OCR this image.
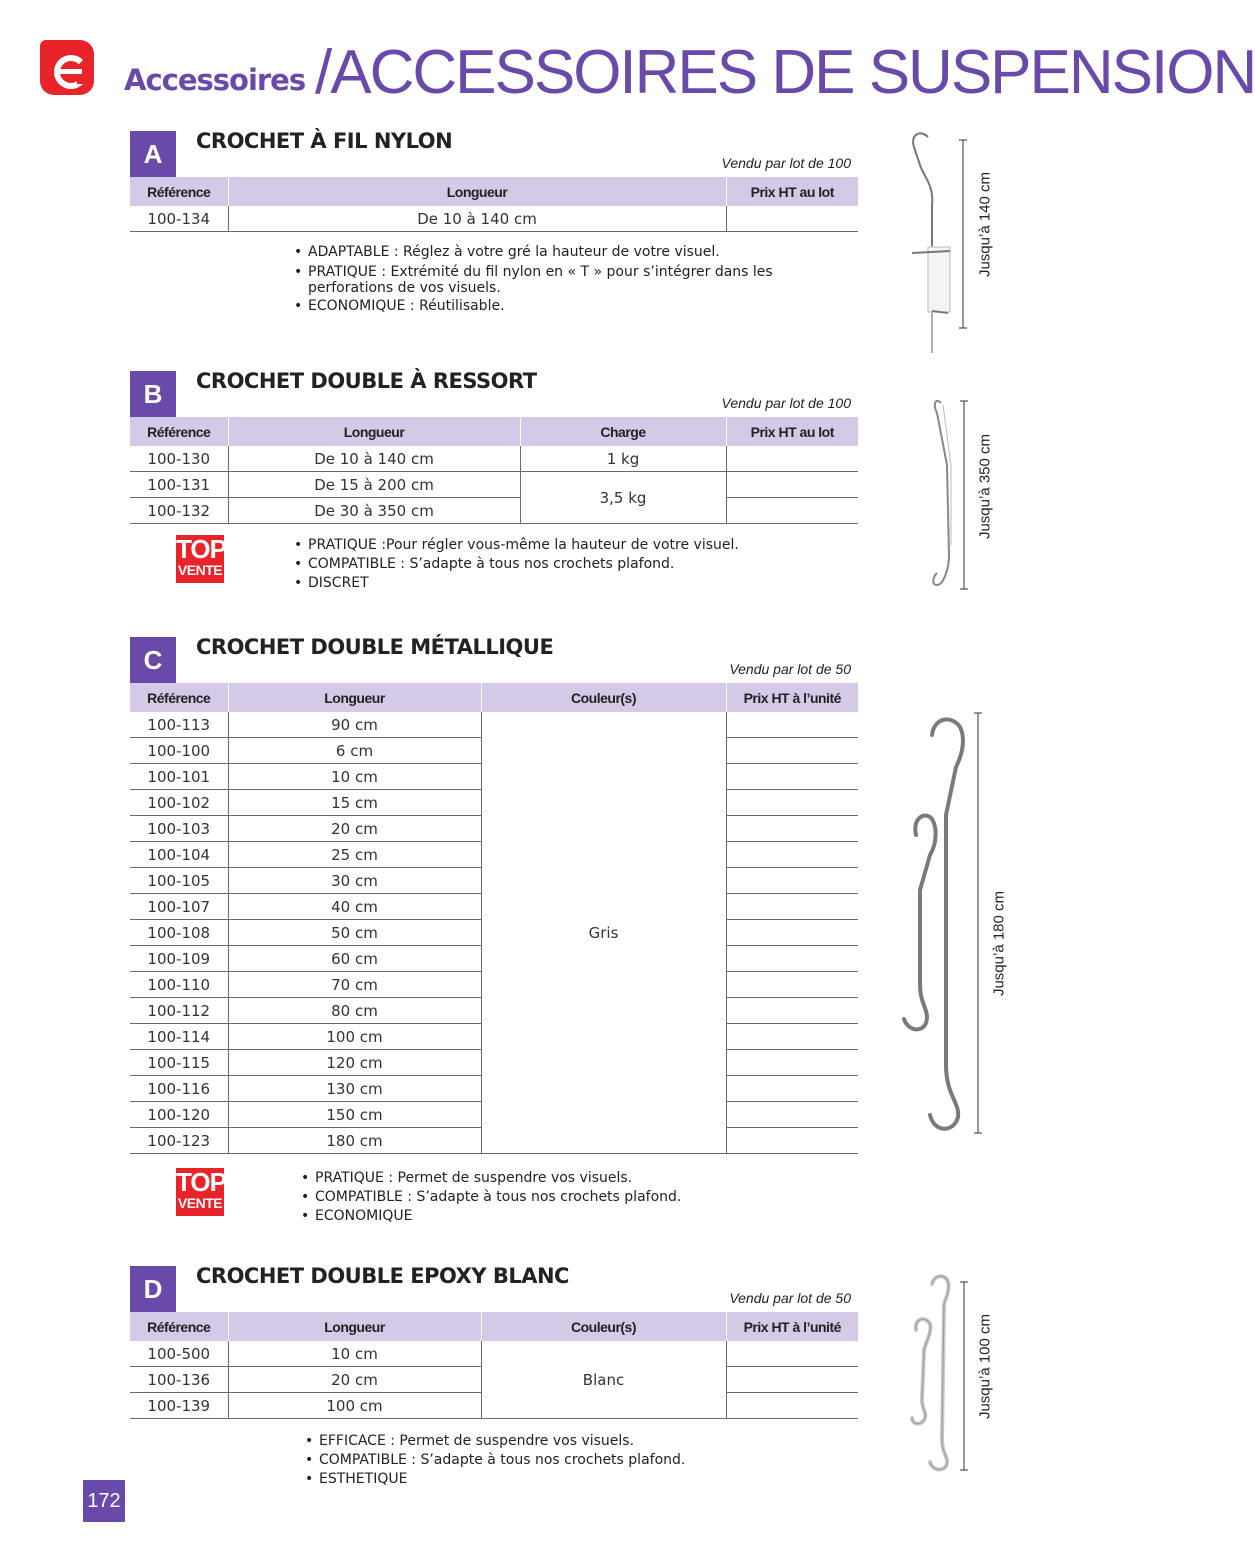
Accessoires /ACCESSOIRES DE SUSPENSION
A	CROCHET À FIL NYLON
Vendu par lot de 100
Référence	Longueur	Prix HT au lot
100-134	De 10 à 140 cm	
• ADAPTABLE : Réglez à votre gré la hauteur de votre visuel.
• PRATIQUE : Extrémité du fil nylon en « T » pour s’intégrer dans les perforations de vos visuels.
• ECONOMIQUE : Réutilisable.
Jusqu’à 140 cm
B	CROCHET DOUBLE À RESSORT
Vendu par lot de 100
Référence	Longueur	Charge	Prix HT au lot
100-130	De 10 à 140 cm	1 kg	
100-131	De 15 à 200 cm	3,5 kg	
100-132	De 30 à 350 cm		
TOP
VENTE
• PRATIQUE :Pour régler vous-même la hauteur de votre visuel.
• COMPATIBLE : S’adapte à tous nos crochets plafond.
• DISCRET
Jusqu’à 350 cm
C	CROCHET DOUBLE MÉTALLIQUE
Vendu par lot de 50
Référence	Longueur	Couleur(s)	Prix HT à l’unité
100-113	90 cm	Gris	
100-100	6 cm		
100-101	10 cm		
100-102	15 cm		
100-103	20 cm		
100-104	25 cm		
100-105	30 cm		
100-107	40 cm		
100-108	50 cm		
100-109	60 cm		
100-110	70 cm		
100-112	80 cm		
100-114	100 cm		
100-115	120 cm		
100-116	130 cm		
100-120	150 cm		
100-123	180 cm		
TOP
VENTE
• PRATIQUE : Permet de suspendre vos visuels.
• COMPATIBLE : S’adapte à tous nos crochets plafond.
• ECONOMIQUE
Jusqu’à 180 cm
D	CROCHET DOUBLE EPOXY BLANC
Vendu par lot de 50
Référence	Longueur	Couleur(s)	Prix HT à l’unité
100-500	10 cm	Blanc	
100-136	20 cm		
100-139	100 cm		
• EFFICACE : Permet de suspendre vos visuels.
• COMPATIBLE : S’adapte à tous nos crochets plafond.
• ESTHETIQUE
Jusqu’à 100 cm
172
